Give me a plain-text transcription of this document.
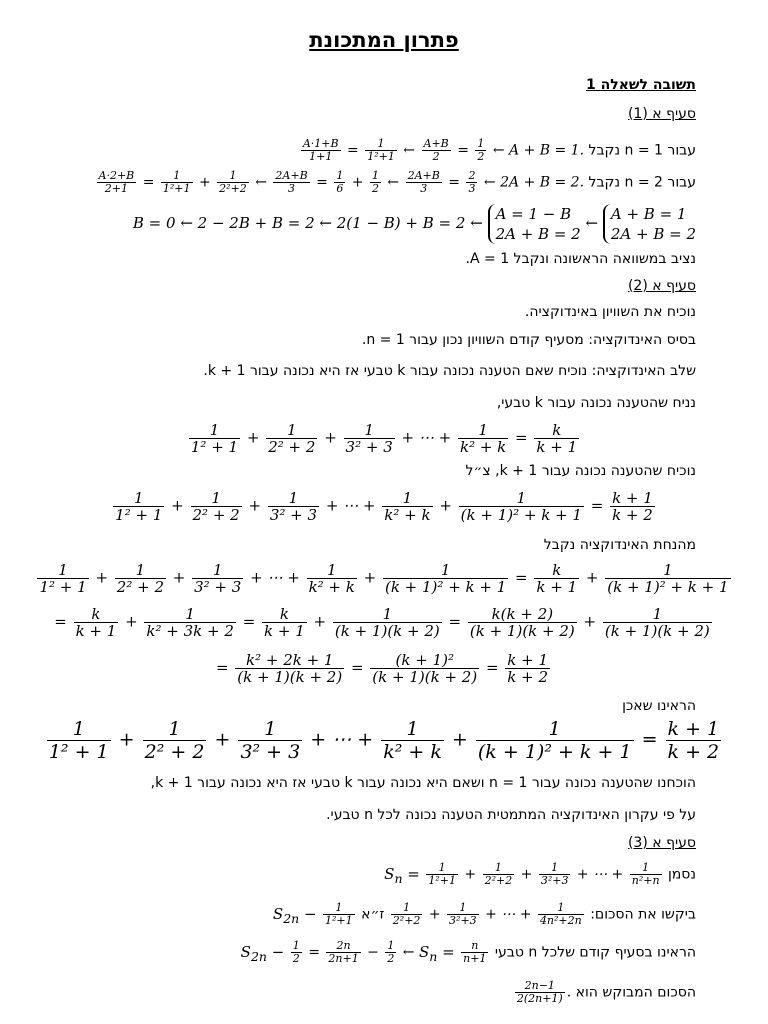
פתרון המתכונת
תשובה לשאלה 1
סעיף א (1)
עבור n = 1 נקבל
$\frac{A\cdot 1+B}{1+1} = \frac{1}{\text{1²+1}}$ ← $\frac{A+B}{2} = \frac{1}{2}$ ← A + B = 1.
עבור n = 2 נקבל
$\frac{A\cdot 2+B}{2+1} = \frac{1}{\text{1²+1}} + \frac{1}{\text{2²+2}}$ ← $\frac{2A+B}{3} = \frac{1}{6} + \frac{1}{2}$ ← $\frac{2A+B}{3} = \frac{2}{3}$ ← 2A + B = 2.
B = 0 ← 2 − 2B + B = 2 ← 2(1 − B) + B = 2 ← A = 1 − B
2A + B = 2 ← A + B = 1
2A + B = 2
נציב במשוואה הראשונה ונקבל A = 1.
סעיף א (2)
נוכיח את השוויון באינדוקציה.
בסיס האינדוקציה: מסעיף קודם השוויון נכון עבור n = 1.
שלב האינדוקציה: נוכיח שאם הטענה נכונה עבור k טבעי אז היא נכונה עבור k + 1.
נניח שהטענה נכונה עבור k טבעי,
$\frac{1}{\text{1² + 1}} + \frac{1}{\text{2² + 2}} + \frac{1}{\text{3² + 3}}$ + ⋯ + $\frac{1}{\text{k² + k}} = \frac{k}{k + 1}$
נוכיח שהטענה נכונה עבור k + 1, צ״ל
$\frac{1}{\text{1² + 1}} + \frac{1}{\text{2² + 2}} + \frac{1}{\text{3² + 3}}$ + ⋯ + $\frac{1}{\text{k² + k}} + \frac{1}{\text{(k + 1)² + k + 1}} = \frac{k + 1}{k + 2}$
מהנחת האינדוקציה נקבל
$\frac{1}{\text{1² + 1}} + \frac{1}{\text{2² + 2}} + \frac{1}{\text{3² + 3}}$ + ⋯ + $\frac{1}{\text{k² + k}} + \frac{1}{\text{(k + 1)² + k + 1}} = \frac{k}{k + 1} + \frac{1}{\text{(k + 1)² + k + 1}}$
= $\frac{k}{k + 1} + \frac{1}{\text{k² + 3k + 2}} = \frac{k}{k + 1} + \frac{1}{(k + 1)(k + 2)} = \frac{k(k + 2)}{(k + 1)(k + 2)} + \frac{1}{(k + 1)(k + 2)}$
= $\frac{\text{k² + 2k + 1}}{(k + 1)(k + 2)} = \frac{\text{(k + 1)²}}{(k + 1)(k + 2)} = \frac{k + 1}{k + 2}$
הראינו שאכן
$\frac{1}{\text{1² + 1}} + \frac{1}{\text{2² + 2}} + \frac{1}{\text{3² + 3}}$ + ⋯ + $\frac{1}{\text{k² + k}} + \frac{1}{\text{(k + 1)² + k + 1}} = \frac{k + 1}{k + 2}$
הוכחנו שהטענה נכונה עבור n = 1 ושאם היא נכונה עבור k טבעי אז היא נכונה עבור k + 1,
על פי עקרון האינדוקציה המתמטית הטענה נכונה לכל n טבעי.
סעיף א (3)
נסמן $S_n = \frac{1}{\text{1²+1}} + \frac{1}{\text{2²+2}} + \frac{1}{\text{3²+3}}$ + ⋯ + $\frac{1}{\text{n²+n}}$
ביקשו את הסכום:
$\frac{1}{\text{2²+2}} + \frac{1}{\text{3²+3}}$ + ⋯ + $\frac{1}{\text{4n²+2n}}$
ז״א $S_{2n} - \frac{1}{\text{1²+1}}$
הראינו בסעיף קודם שלכל n טבעי $S_{2n} - \frac{1}{2} = \frac{2n}{2n+1} - \frac{1}{2}$ ← $S_n = \frac{n}{n+1}$
הסכום המבוקש הוא
$\frac{2n-1}{2(2n+1)}$ .
